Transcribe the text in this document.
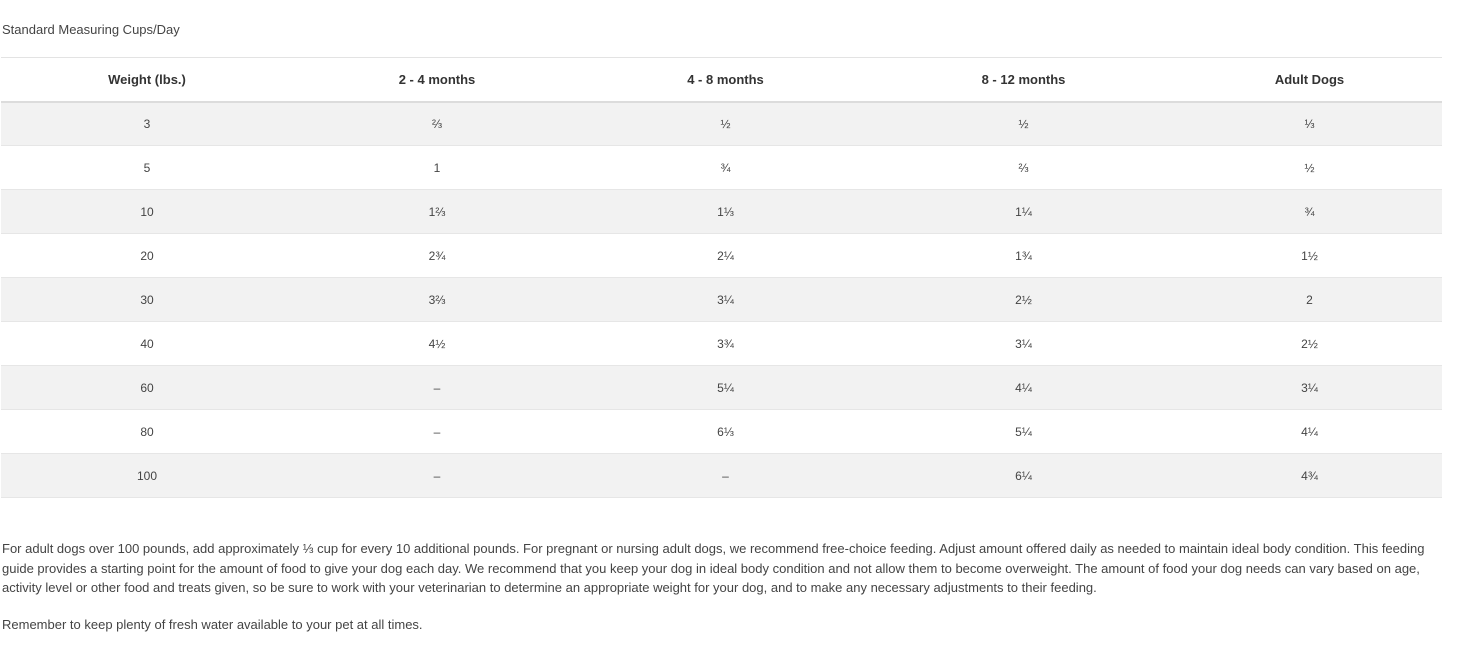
Standard Measuring Cups/Day
Weight (lbs.)	2 - 4 months	4 - 8 months	8 - 12 months	Adult Dogs
3	⅔	½	½	⅓
5	1	¾	⅔	½
10	1⅔	1⅓	1¼	¾
20	2¾	2¼	1¾	1½
30	3⅔	3¼	2½	2
40	4½	3¾	3¼	2½
60	–	5¼	4¼	3¼
80	–	6⅓	5¼	4¼
100	–	–	6¼	4¾

For adult dogs over 100 pounds, add approximately ⅓ cup for every 10 additional pounds. For pregnant or nursing adult dogs, we recommend free-choice feeding. Adjust amount offered daily as needed to maintain ideal body condition. This feeding guide provides a starting point for the amount of food to give your dog each day. We recommend that you keep your dog in ideal body condition and not allow them to become overweight. The amount of food your dog needs can vary based on age, activity level or other food and treats given, so be sure to work with your veterinarian to determine an appropriate weight for your dog, and to make any necessary adjustments to their feeding.

Remember to keep plenty of fresh water available to your pet at all times.
